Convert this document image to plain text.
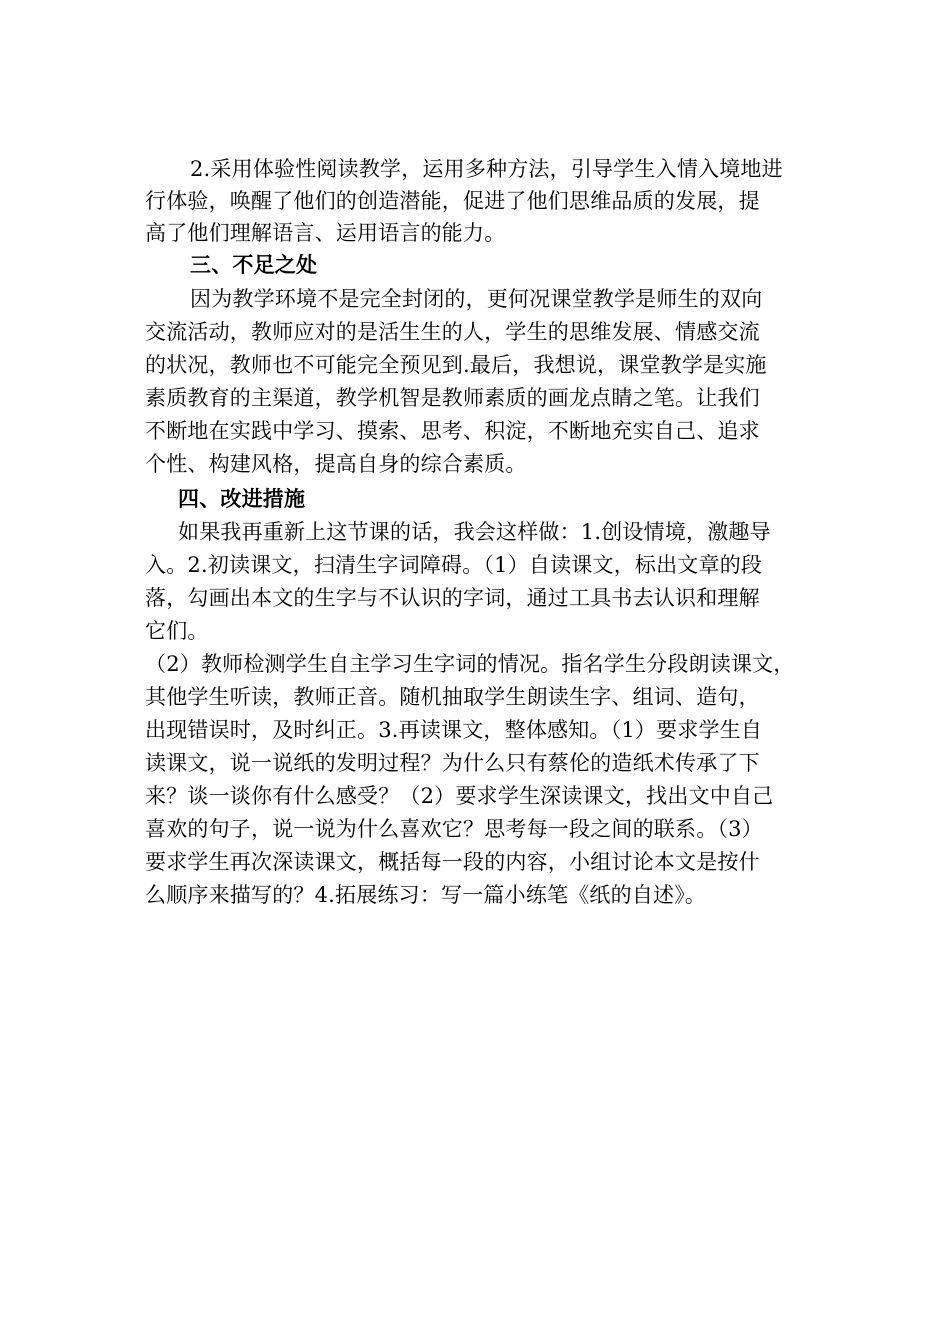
2.采用体验性阅读教学，运用多种方法，引导学生入情入境地进
行体验，唤醒了他们的创造潜能，促进了他们思维品质的发展，提
高了他们理解语言、运用语言的能力。
三、不足之处
因为教学环境不是完全封闭的，更何况课堂教学是师生的双向
交流活动，教师应对的是活生生的人，学生的思维发展、情感交流
的状况，教师也不可能完全预见到.最后，我想说，课堂教学是实施
素质教育的主渠道，教学机智是教师素质的画龙点睛之笔。让我们
不断地在实践中学习、摸索、思考、积淀，不断地充实自己、追求
个性、构建风格，提高自身的综合素质。
四、改进措施
如果我再重新上这节课的话，我会这样做：1.创设情境，激趣导
入。2.初读课文，扫清生字词障碍。（1）自读课文，标出文章的段
落，勾画出本文的生字与不认识的字词，通过工具书去认识和理解
它们。
（2）教师检测学生自主学习生字词的情况。指名学生分段朗读课文，
其他学生听读，教师正音。随机抽取学生朗读生字、组词、造句，
出现错误时，及时纠正。3.再读课文，整体感知。（1）要求学生自
读课文，说一说纸的发明过程？为什么只有蔡伦的造纸术传承了下
来？谈一谈你有什么感受？（2）要求学生深读课文，找出文中自己
喜欢的句子，说一说为什么喜欢它？思考每一段之间的联系。（3）
要求学生再次深读课文，概括每一段的内容，小组讨论本文是按什
么顺序来描写的？4.拓展练习：写一篇小练笔《纸的自述》。
